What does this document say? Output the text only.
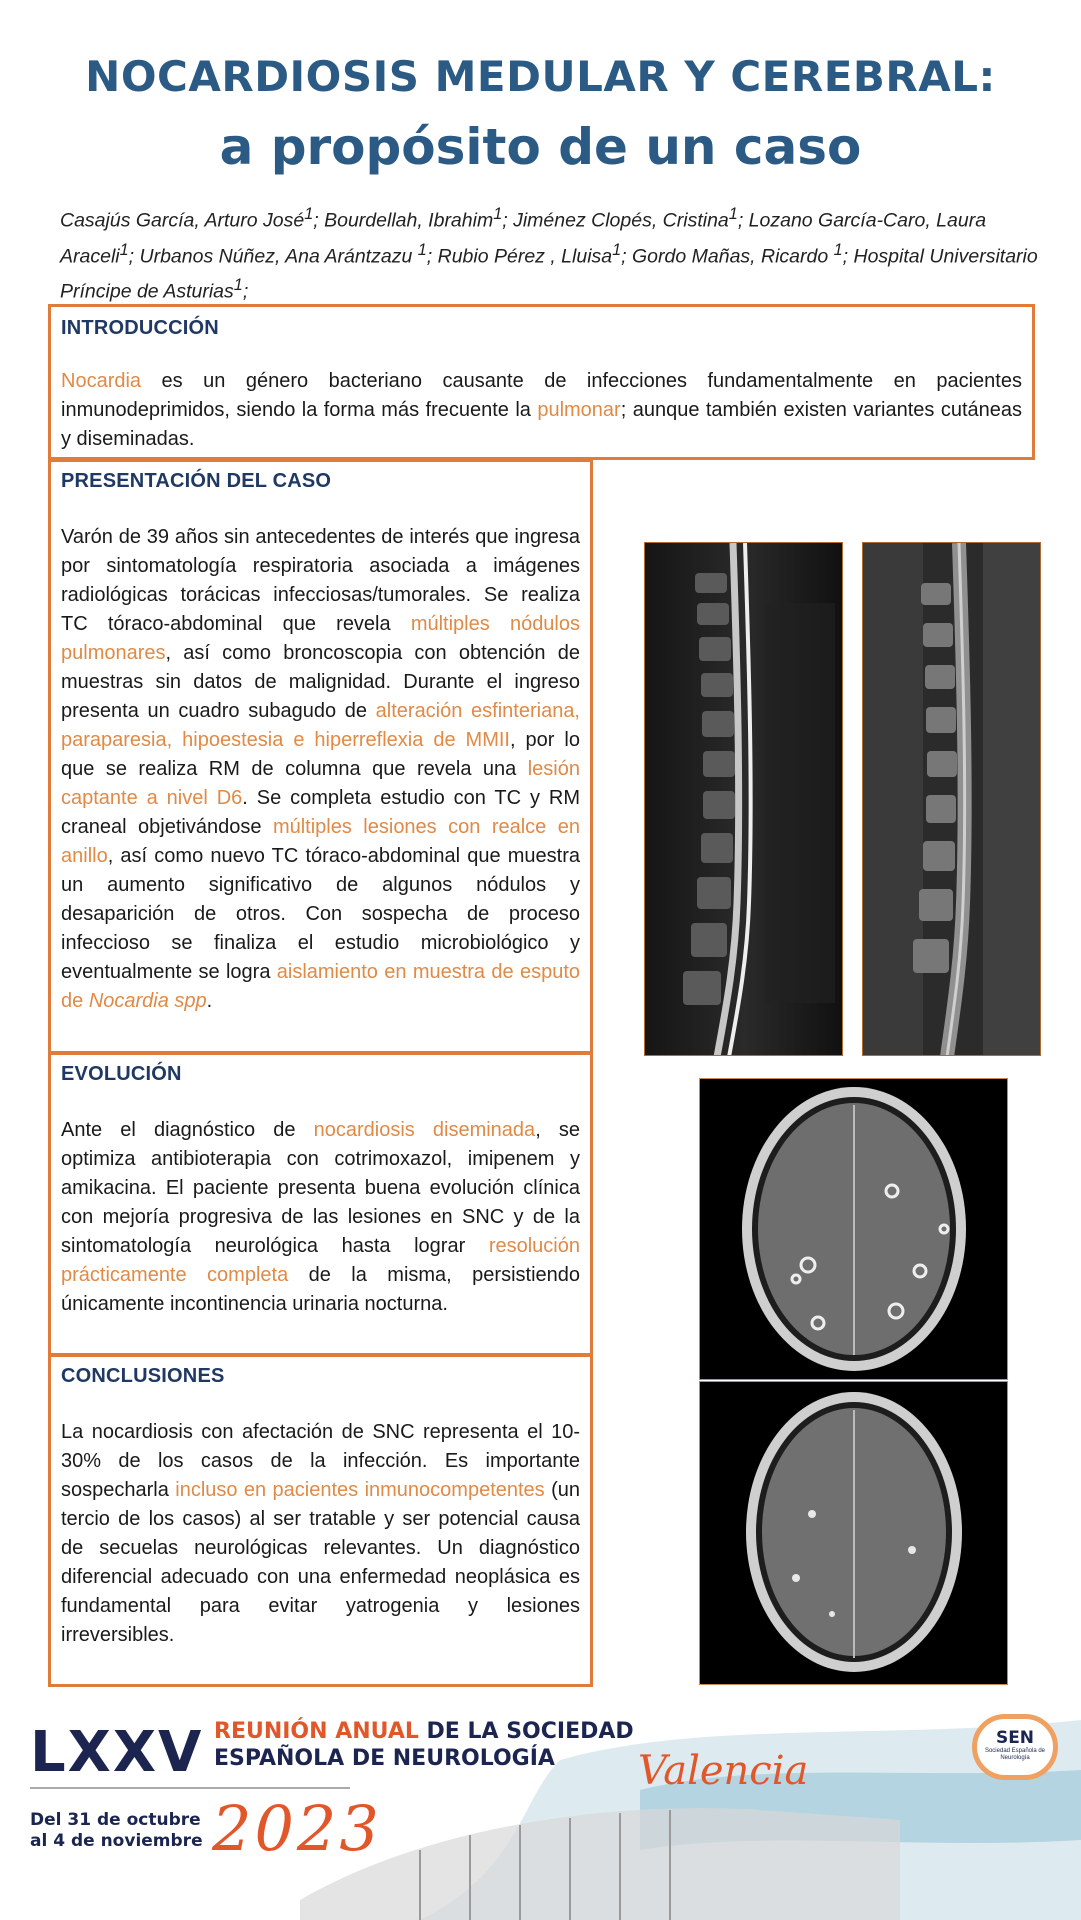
NOCARDIOSIS MEDULAR Y CEREBRAL:
a propósito de un caso
Casajús García, Arturo José$^1$; Bourdellah, Ibrahim$^1$; Jiménez Clopés, Cristina$^1$; Lozano García-Caro, Laura Araceli$^1$; Urbanos Núñez, Ana Arántzazu $^1$; Rubio Pérez , Lluisa$^1$; Gordo Mañas, Ricardo $^1$; Hospital Universitario Príncipe de Asturias$^1$;
INTRODUCCIÓN

Nocardia es un género bacteriano causante de infecciones fundamentalmente en pacientes inmunodeprimidos, siendo la forma más frecuente la pulmonar; aunque también existen variantes cutáneas y diseminadas.

PRESENTACIÓN DEL CASO

Varón de 39 años sin antecedentes de interés que ingresa por sintomatología respiratoria asociada a imágenes radiológicas torácicas infecciosas/tumorales. Se realiza TC tóraco-abdominal que revela múltiples nódulos pulmonares, así como broncoscopia con obtención de muestras sin datos de malignidad. Durante el ingreso presenta un cuadro subagudo de alteración esfinteriana, paraparesia, hipoestesia e hiperreflexia de MMII, por lo que se realiza RM de columna que revela una lesión captante a nivel D6. Se completa estudio con TC y RM craneal objetivándose múltiples lesiones con realce en anillo, así como nuevo TC tóraco-abdominal que muestra un aumento significativo de algunos nódulos y desaparición de otros. Con sospecha de proceso infeccioso se finaliza el estudio microbiológico y eventualmente se logra aislamiento en muestra de esputo de Nocardia spp.

EVOLUCIÓN

Ante el diagnóstico de nocardiosis diseminada, se optimiza antibioterapia con cotrimoxazol, imipenem y amikacina. El paciente presenta buena evolución clínica con mejoría progresiva de las lesiones en SNC y de la sintomatología neurológica hasta lograr resolución prácticamente completa de la misma, persistiendo únicamente incontinencia urinaria nocturna.

CONCLUSIONES

La nocardiosis con afectación de SNC representa el 10-30% de los casos de la infección. Es importante sospecharla incluso en pacientes inmunocompetentes (un tercio de los casos) al ser tratable y ser potencial causa de secuelas neurológicas relevantes. Un diagnóstico diferencial adecuado con una enfermedad neoplásica es fundamental para evitar yatrogenia y lesiones irreversibles.

LXXV REUNIÓN ANUAL DE LA SOCIEDAD
ESPAÑOLA DE NEUROLOGÍA
Del 31 de octubre
al 4 de noviembre 2023
Valencia
SEN
Sociedad Española de Neurología
